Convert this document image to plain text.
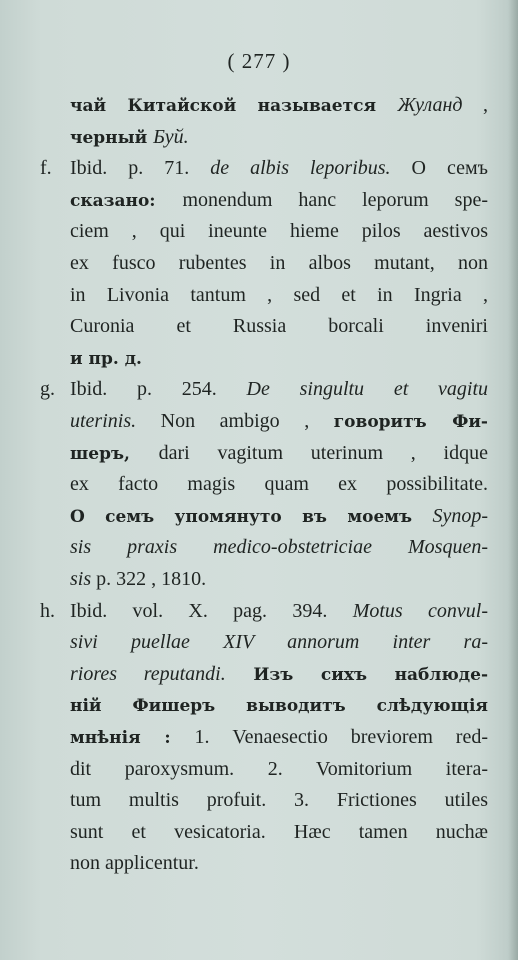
( 277 )
чай Китайской называется Жуланд ,
черный Буй.
f. Ibid. p. 71. de albis leporibus. О семъ
сказано: monendum hanc leporum spe-
ciem , qui ineunte hieme pilos aestivos
ex fusco rubentes in albos mutant, non
in Livonia tantum , sed et in Ingria ,
Curonia et Russia borcali inveniri
и пр. д.
g. Ibid. p. 254. De singultu et vagitu
uterinis. Non ambigo , говоритъ Фи-
шеръ, dari vagitum uterinum , idque
ex facto magis quam ex possibilitate.
О семъ упомянуто въ моемъ Synop-
sis praxis medico-obstetriciae Mosquen-
sis p. 322 , 1810.
h. Ibid. vol. X. pag. 394. Motus convul-
sivi puellae XIV annorum inter ra-
riores reputandi. Изъ сихъ наблюде-
ній Фишеръ выводитъ слѣдующія
мнѣнія : 1. Venaesectio breviorem red-
dit paroxysmum. 2. Vomitorium itera-
tum multis profuit. 3. Frictiones utiles
sunt et vesicatoria. Hæc tamen nuchæ
non applicentur.
